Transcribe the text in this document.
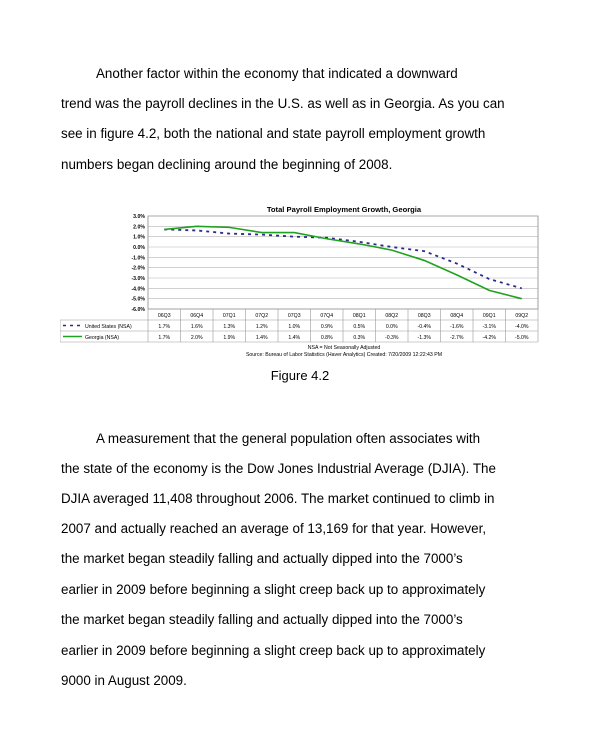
Another factor within the economy that indicated a downward
trend was the payroll declines in the U.S. as well as in Georgia. As you can
see in figure 4.2, both the national and state payroll employment growth
numbers began declining around the beginning of 2008.
Total Payroll Employment Growth, Georgia
3.0%
2.0%
1.0%
0.0%
-1.0%
-2.0%
-3.0%
-4.0%
-5.0%
-6.0%
06Q3	06Q4	07Q1	07Q2	07Q3	07Q4	08Q1	08Q2	08Q3	08Q4	09Q1	09Q2
United States (NSA)	1.7%	1.6%	1.3%	1.2%	1.0%	0.9%	0.5%	0.0%	-0.4%	-1.6%	-3.1%	-4.0%
Georgia (NSA)	1.7%	2.0%	1.9%	1.4%	1.4%	0.8%	0.3%	-0.3%	-1.3%	-2.7%	-4.2%	-5.0%
NSA = Not Seasonally Adjusted
Source: Bureau of Labor Statistics (Haver Analytics) Created: 7/20/2009 12:22:43 PM
Figure 4.2
A measurement that the general population often associates with
the state of the economy is the Dow Jones Industrial Average (DJIA). The
DJIA averaged 11,408 throughout 2006. The market continued to climb in
2007 and actually reached an average of 13,169 for that year. However,
the market began steadily falling and actually dipped into the 7000’s
earlier in 2009 before beginning a slight creep back up to approximately
the market began steadily falling and actually dipped into the 7000’s
earlier in 2009 before beginning a slight creep back up to approximately
9000 in August 2009.
